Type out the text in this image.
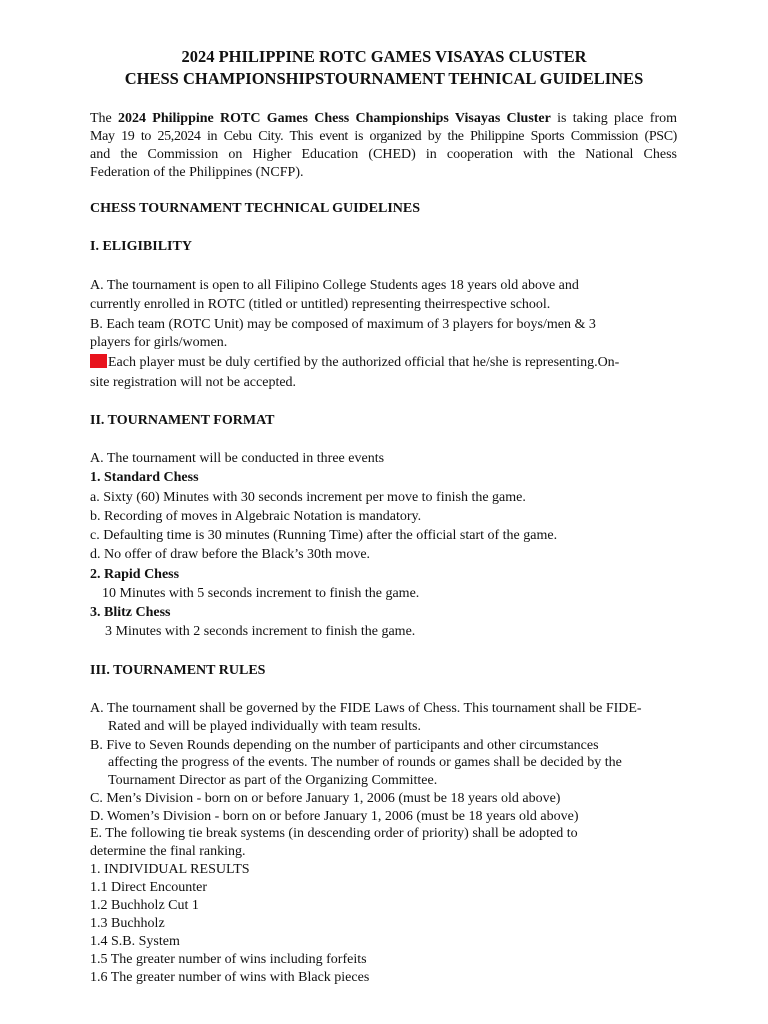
2024 PHILIPPINE ROTC GAMES VISAYAS CLUSTER

CHESS CHAMPIONSHIPSTOURNAMENT TEHNICAL GUIDELINES

The 2024 Philippine ROTC Games Chess Championships Visayas Cluster is taking place from

May 19 to 25,2024 in Cebu City. This event is organized by the Philippine Sports Commission (PSC)

and the Commission on Higher Education (CHED) in cooperation with the National Chess

Federation of the Philippines (NCFP).

CHESS TOURNAMENT TECHNICAL GUIDELINES

I. ELIGIBILITY

A. The tournament is open to all Filipino College Students ages 18 years old above and

currently enrolled in ROTC (titled or untitled) representing theirrespective school.

B. Each team (ROTC Unit) may be composed of maximum of 3 players for boys/men & 3

players for girls/women.

Each player must be duly certified by the authorized official that he/she is representing.On-

site registration will not be accepted.

II. TOURNAMENT FORMAT

A. The tournament will be conducted in three events

1. Standard Chess

a. Sixty (60) Minutes with 30 seconds increment per move to finish the game.

b. Recording of moves in Algebraic Notation is mandatory.

c. Defaulting time is 30 minutes (Running Time) after the official start of the game.

d. No offer of draw before the Black’s 30th move.

2. Rapid Chess

10 Minutes with 5 seconds increment to finish the game.

3. Blitz Chess

3 Minutes with 2 seconds increment to finish the game.

III. TOURNAMENT RULES

A. The tournament shall be governed by the FIDE Laws of Chess. This tournament shall be FIDE-

Rated and will be played individually with team results.

B. Five to Seven Rounds depending on the number of participants and other circumstances

affecting the progress of the events. The number of rounds or games shall be decided by the

Tournament Director as part of the Organizing Committee.

C. Men’s Division - born on or before January 1, 2006 (must be 18 years old above)

D. Women’s Division - born on or before January 1, 2006 (must be 18 years old above)

E. The following tie break systems (in descending order of priority) shall be adopted to

determine the final ranking.

1. INDIVIDUAL RESULTS

1.1 Direct Encounter

1.2 Buchholz Cut 1

1.3 Buchholz

1.4 S.B. System

1.5 The greater number of wins including forfeits

1.6 The greater number of wins with Black pieces
